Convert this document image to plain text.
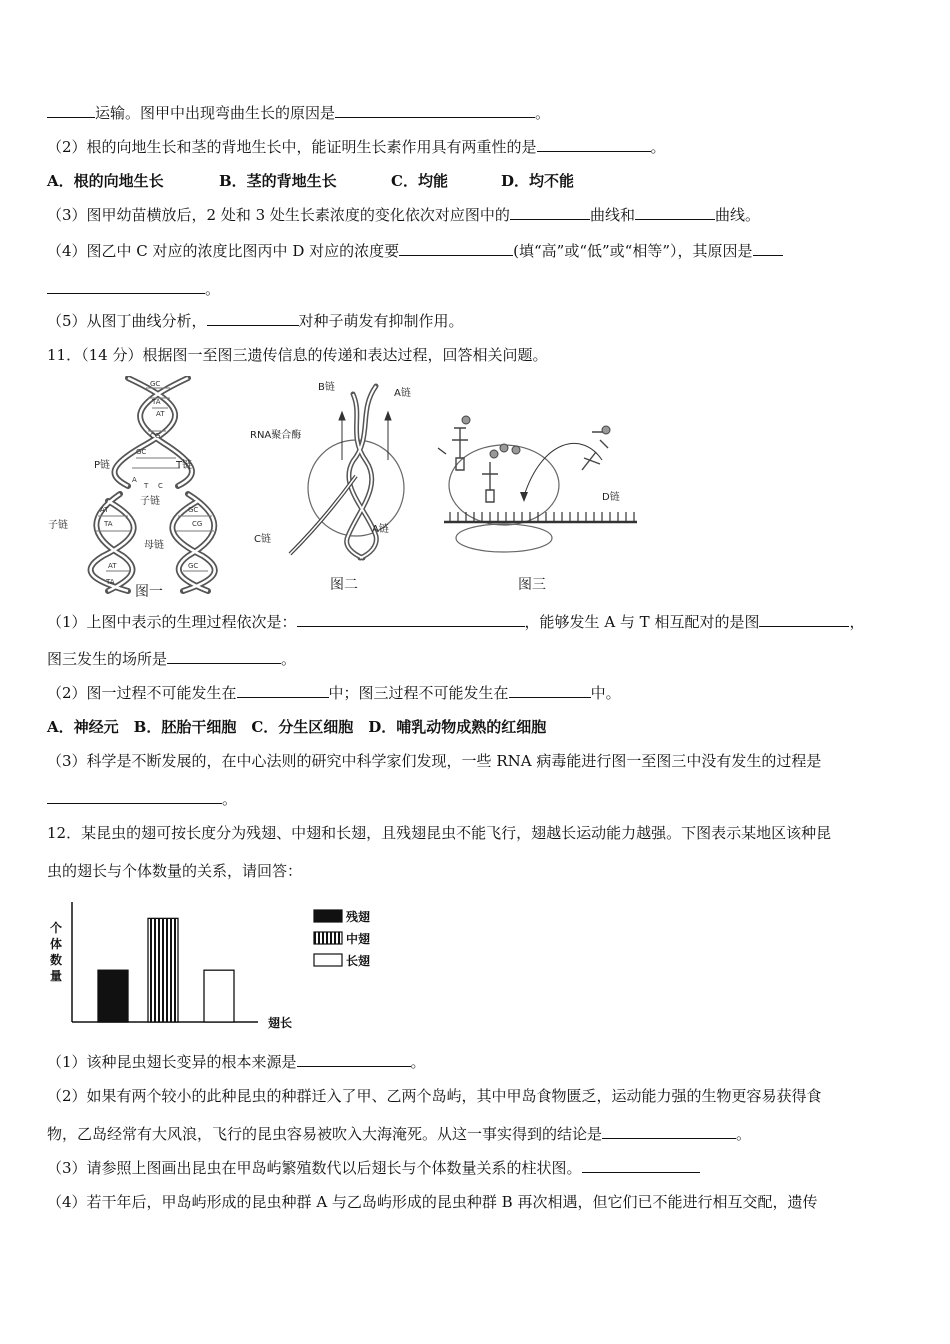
运输。图甲中出现弯曲生长的原因是	。
（2）根的向地生长和茎的背地生长中，能证明生长素作用具有两重性的是	。
A．根的向地生长	B．茎的背地生长	C．均能	D．均不能
（3）图甲幼苗横放后，2 处和 3 处生长素浓度的变化依次对应图中的	曲线和	曲线。
（4）图乙中 C 对应的浓度比图丙中 D 对应的浓度要	(填“高”或“低”或“相等”），其原因是
。
（5）从图丁曲线分析，	对种子萌发有抑制作用。
11．（14 分）根据图一至图三遗传信息的传递和表达过程，回答相关问题。
GC
TA
AT
CG
GC
AT
TA
GC
CG
AT	GC
TA
A
T C
P链	T链
子链
子链
母链
图一
B链
A链
RNA聚合酶
C链
A链
图二
D链
图三
（1）上图中表示的生理过程依次是：	，能够发生 A 与 T 相互配对的是图	，
图三发生的场所是	。
（2）图一过程不可能发生在	中；图三过程不可能发生在	中。
A．神经元　B．胚胎干细胞　C．分生区细胞　D．哺乳动物成熟的红细胞
（3）科学是不断发展的，在中心法则的研究中科学家们发现，一些 RNA 病毒能进行图一至图三中没有发生的过程是
。
12．某昆虫的翅可按长度分为残翅、中翅和长翅，且残翅昆虫不能飞行，翅越长运动能力越强。下图表示某地区该种昆
虫的翅长与个体数量的关系，请回答：
个
体
数
量
个体数量
翅长
残翅
中翅
长翅
（1）该种昆虫翅长变异的根本来源是	。
（2）如果有两个较小的此种昆虫的种群迁入了甲、乙两个岛屿，其中甲岛食物匮乏，运动能力强的生物更容易获得食
物，乙岛经常有大风浪，飞行的昆虫容易被吹入大海淹死。从这一事实得到的结论是	。
（3）请参照上图画出昆虫在甲岛屿繁殖数代以后翅长与个体数量关系的柱状图。
（4）若干年后，甲岛屿形成的昆虫种群 A 与乙岛屿形成的昆虫种群 B 再次相遇，但它们已不能进行相互交配，遗传
